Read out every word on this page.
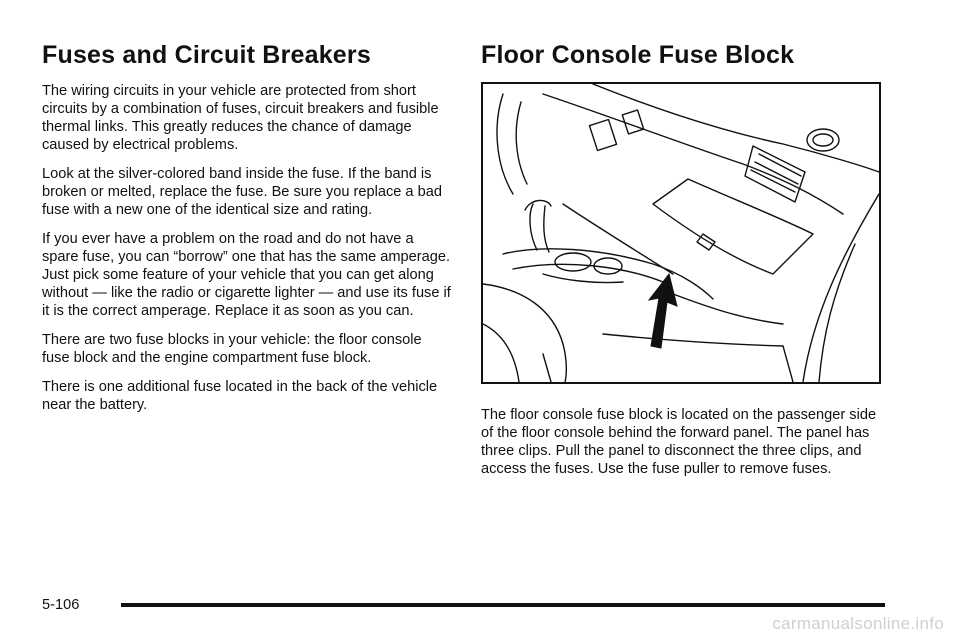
Fuses and Circuit Breakers

The wiring circuits in your vehicle are protected from short circuits by a combination of fuses, circuit breakers and fusible thermal links. This greatly reduces the chance of damage caused by electrical problems.

Look at the silver-colored band inside the fuse. If the band is broken or melted, replace the fuse. Be sure you replace a bad fuse with a new one of the identical size and rating.

If you ever have a problem on the road and do not have a spare fuse, you can “borrow” one that has the same amperage. Just pick some feature of your vehicle that you can get along without — like the radio or cigarette lighter — and use its fuse if it is the correct amperage. Replace it as soon as you can.

There are two fuse blocks in your vehicle: the floor console fuse block and the engine compartment fuse block.

There is one additional fuse located in the back of the vehicle near the battery.

Floor Console Fuse Block

The floor console fuse block is located on the passenger side of the floor console behind the forward panel. The panel has three clips. Pull the panel to disconnect the three clips, and access the fuses. Use the fuse puller to remove fuses.

5-106
carmanualsonline.info
